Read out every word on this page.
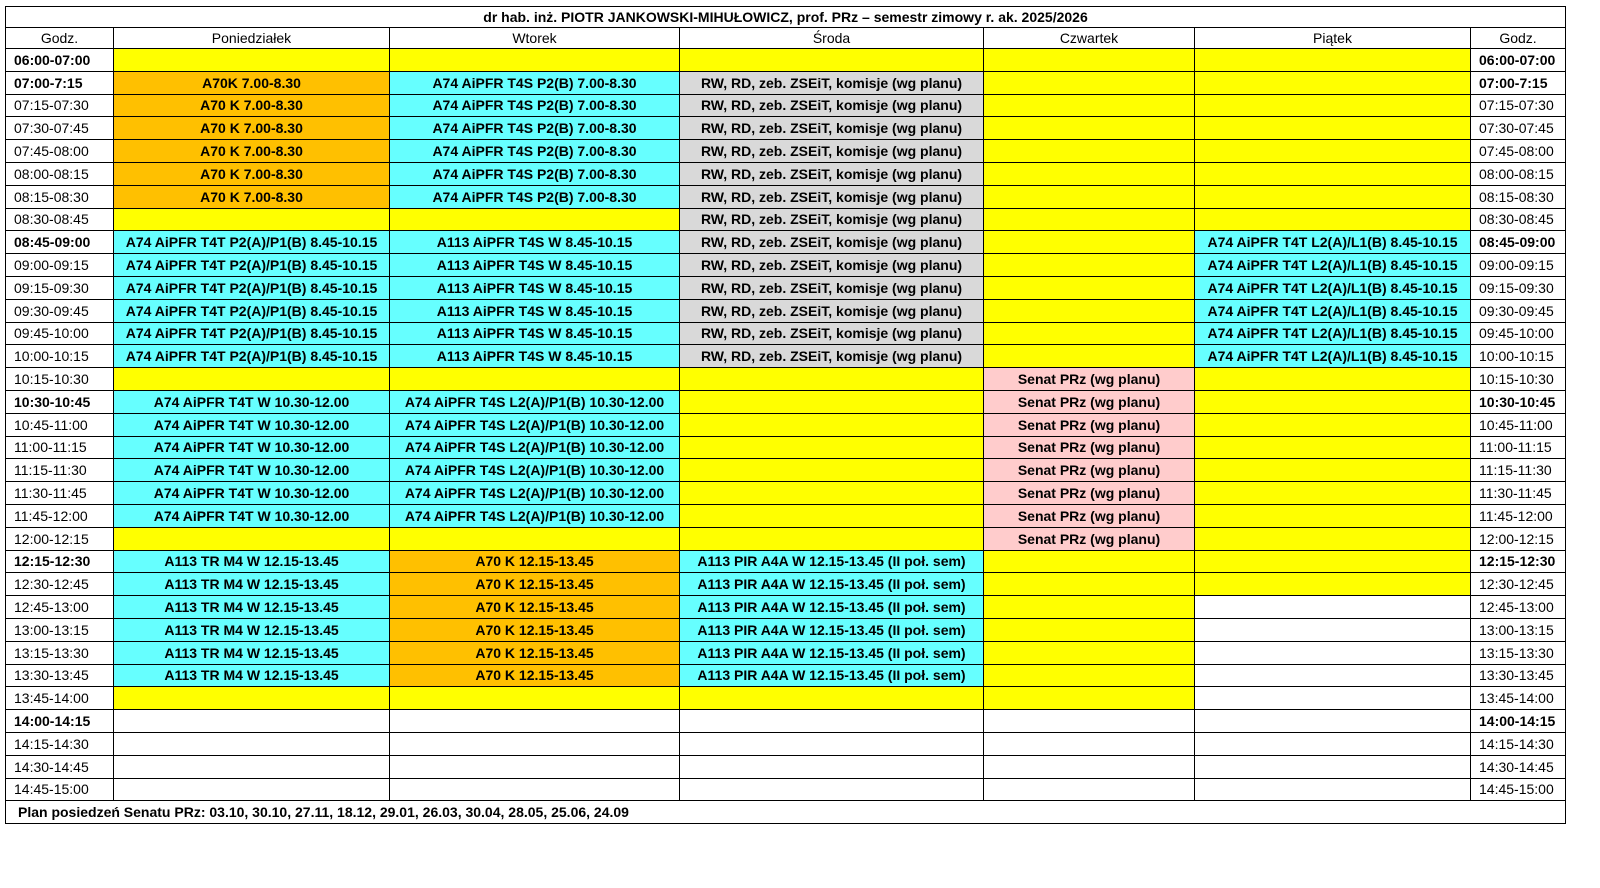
dr hab. inż. PIOTR JANKOWSKI-MIHUŁOWICZ, prof. PRz – semestr zimowy r. ak. 2025/2026						
Godz.	Poniedziałek	Wtorek	Środa	Czwartek	Piątek	Godz.
06:00-07:00						06:00-07:00
07:00-7:15	A70K 7.00-8.30	A74 AiPFR T4S P2(B) 7.00-8.30	RW, RD, zeb. ZSEiT, komisje (wg planu)			07:00-7:15
07:15-07:30	A70 K 7.00-8.30	A74 AiPFR T4S P2(B) 7.00-8.30	RW, RD, zeb. ZSEiT, komisje (wg planu)			07:15-07:30
07:30-07:45	A70 K 7.00-8.30	A74 AiPFR T4S P2(B) 7.00-8.30	RW, RD, zeb. ZSEiT, komisje (wg planu)			07:30-07:45
07:45-08:00	A70 K 7.00-8.30	A74 AiPFR T4S P2(B) 7.00-8.30	RW, RD, zeb. ZSEiT, komisje (wg planu)			07:45-08:00
08:00-08:15	A70 K 7.00-8.30	A74 AiPFR T4S P2(B) 7.00-8.30	RW, RD, zeb. ZSEiT, komisje (wg planu)			08:00-08:15
08:15-08:30	A70 K 7.00-8.30	A74 AiPFR T4S P2(B) 7.00-8.30	RW, RD, zeb. ZSEiT, komisje (wg planu)			08:15-08:30
08:30-08:45			RW, RD, zeb. ZSEiT, komisje (wg planu)			08:30-08:45
08:45-09:00	A74 AiPFR T4T P2(A)/P1(B) 8.45-10.15	A113 AiPFR T4S W 8.45-10.15	RW, RD, zeb. ZSEiT, komisje (wg planu)		A74 AiPFR T4T L2(A)/L1(B) 8.45-10.15	08:45-09:00
09:00-09:15	A74 AiPFR T4T P2(A)/P1(B) 8.45-10.15	A113 AiPFR T4S W 8.45-10.15	RW, RD, zeb. ZSEiT, komisje (wg planu)		A74 AiPFR T4T L2(A)/L1(B) 8.45-10.15	09:00-09:15
09:15-09:30	A74 AiPFR T4T P2(A)/P1(B) 8.45-10.15	A113 AiPFR T4S W 8.45-10.15	RW, RD, zeb. ZSEiT, komisje (wg planu)		A74 AiPFR T4T L2(A)/L1(B) 8.45-10.15	09:15-09:30
09:30-09:45	A74 AiPFR T4T P2(A)/P1(B) 8.45-10.15	A113 AiPFR T4S W 8.45-10.15	RW, RD, zeb. ZSEiT, komisje (wg planu)		A74 AiPFR T4T L2(A)/L1(B) 8.45-10.15	09:30-09:45
09:45-10:00	A74 AiPFR T4T P2(A)/P1(B) 8.45-10.15	A113 AiPFR T4S W 8.45-10.15	RW, RD, zeb. ZSEiT, komisje (wg planu)		A74 AiPFR T4T L2(A)/L1(B) 8.45-10.15	09:45-10:00
10:00-10:15	A74 AiPFR T4T P2(A)/P1(B) 8.45-10.15	A113 AiPFR T4S W 8.45-10.15	RW, RD, zeb. ZSEiT, komisje (wg planu)		A74 AiPFR T4T L2(A)/L1(B) 8.45-10.15	10:00-10:15
10:15-10:30				Senat PRz (wg planu)		10:15-10:30
10:30-10:45	A74 AiPFR T4T W 10.30-12.00	A74 AiPFR T4S L2(A)/P1(B) 10.30-12.00		Senat PRz (wg planu)		10:30-10:45
10:45-11:00	A74 AiPFR T4T W 10.30-12.00	A74 AiPFR T4S L2(A)/P1(B) 10.30-12.00		Senat PRz (wg planu)		10:45-11:00
11:00-11:15	A74 AiPFR T4T W 10.30-12.00	A74 AiPFR T4S L2(A)/P1(B) 10.30-12.00		Senat PRz (wg planu)		11:00-11:15
11:15-11:30	A74 AiPFR T4T W 10.30-12.00	A74 AiPFR T4S L2(A)/P1(B) 10.30-12.00		Senat PRz (wg planu)		11:15-11:30
11:30-11:45	A74 AiPFR T4T W 10.30-12.00	A74 AiPFR T4S L2(A)/P1(B) 10.30-12.00		Senat PRz (wg planu)		11:30-11:45
11:45-12:00	A74 AiPFR T4T W 10.30-12.00	A74 AiPFR T4S L2(A)/P1(B) 10.30-12.00		Senat PRz (wg planu)		11:45-12:00
12:00-12:15				Senat PRz (wg planu)		12:00-12:15
12:15-12:30	A113 TR M4 W 12.15-13.45	A70 K 12.15-13.45	A113 PIR A4A W 12.15-13.45 (II poł. sem)			12:15-12:30
12:30-12:45	A113 TR M4 W 12.15-13.45	A70 K 12.15-13.45	A113 PIR A4A W 12.15-13.45 (II poł. sem)			12:30-12:45
12:45-13:00	A113 TR M4 W 12.15-13.45	A70 K 12.15-13.45	A113 PIR A4A W 12.15-13.45 (II poł. sem)			12:45-13:00
13:00-13:15	A113 TR M4 W 12.15-13.45	A70 K 12.15-13.45	A113 PIR A4A W 12.15-13.45 (II poł. sem)			13:00-13:15
13:15-13:30	A113 TR M4 W 12.15-13.45	A70 K 12.15-13.45	A113 PIR A4A W 12.15-13.45 (II poł. sem)			13:15-13:30
13:30-13:45	A113 TR M4 W 12.15-13.45	A70 K 12.15-13.45	A113 PIR A4A W 12.15-13.45 (II poł. sem)			13:30-13:45
13:45-14:00						13:45-14:00
14:00-14:15						14:00-14:15
14:15-14:30						14:15-14:30
14:30-14:45						14:30-14:45
14:45-15:00						14:45-15:00
Plan posiedzeń Senatu PRz: 03.10, 30.10, 27.11, 18.12, 29.01, 26.03, 30.04, 28.05, 25.06, 24.09						
